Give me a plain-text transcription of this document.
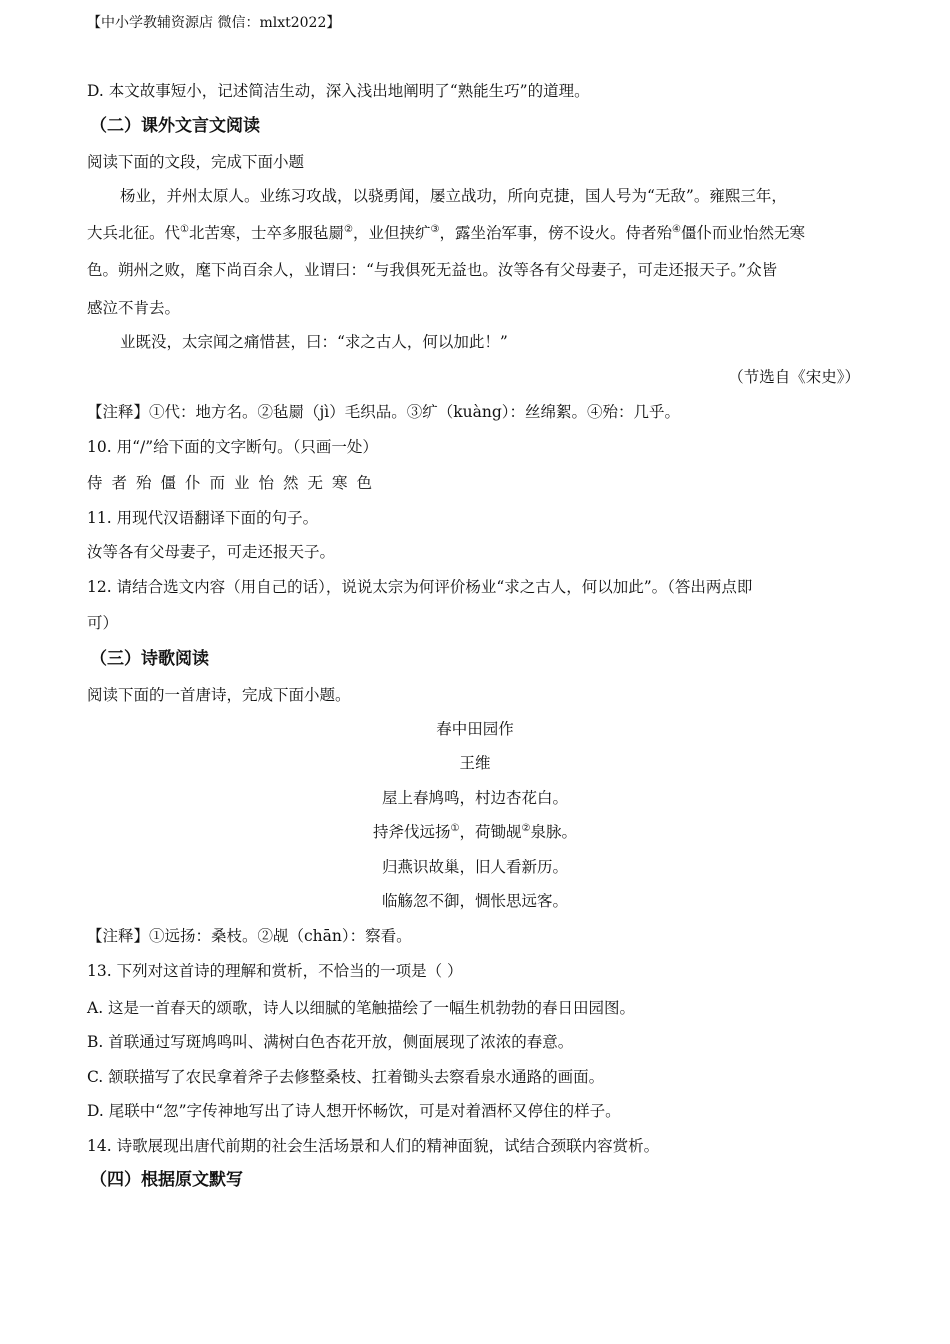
【中小学教辅资源店 微信：mlxt2022】
D. 本文故事短小，记述简洁生动，深入浅出地阐明了“熟能生巧”的道理。
（二）课外文言文阅读
阅读下面的文段，完成下面小题
杨业，并州太原人。业练习攻战，以骁勇闻，屡立战功，所向克捷，国人号为“无敌”。雍熙三年，
大兵北征。代①北苦寒，士卒多服毡罽②，业但挟纩③，露坐治军事，傍不设火。侍者殆④僵仆而业怡然无寒
色。朔州之败，麾下尚百余人，业谓曰：“与我俱死无益也。汝等各有父母妻子，可走还报天子。”众皆
感泣不肯去。
业既没，太宗闻之痛惜甚，曰：“求之古人，何以加此！”
（节选自《宋史》）
【注释】①代：地方名。②毡罽（jì）毛织品。③纩（kuàng）：丝绵絮。④殆：几乎。
10. 用“/”给下面的文字断句。（只画一处）
侍者殆僵仆而业怡然无寒色
11. 用现代汉语翻译下面的句子。
汝等各有父母妻子，可走还报天子。
12. 请结合选文内容（用自己的话），说说太宗为何评价杨业“求之古人，何以加此”。（答出两点即
可）
（三）诗歌阅读
阅读下面的一首唐诗，完成下面小题。
春中田园作
王维
屋上春鸠鸣，村边杏花白。
持斧伐远扬①，荷锄觇②泉脉。
归燕识故巢，旧人看新历。
临觞忽不御，惆怅思远客。
【注释】①远扬：桑枝。②觇（chān）：察看。
13. 下列对这首诗的理解和赏析，不恰当的一项是（ ）
A. 这是一首春天的颂歌，诗人以细腻的笔触描绘了一幅生机勃勃的春日田园图。
B. 首联通过写斑鸠鸣叫、满树白色杏花开放，侧面展现了浓浓的春意。
C. 颔联描写了农民拿着斧子去修整桑枝、扛着锄头去察看泉水通路的画面。
D. 尾联中“忽”字传神地写出了诗人想开怀畅饮，可是对着酒杯又停住的样子。
14. 诗歌展现出唐代前期的社会生活场景和人们的精神面貌，试结合颈联内容赏析。
（四）根据原文默写
